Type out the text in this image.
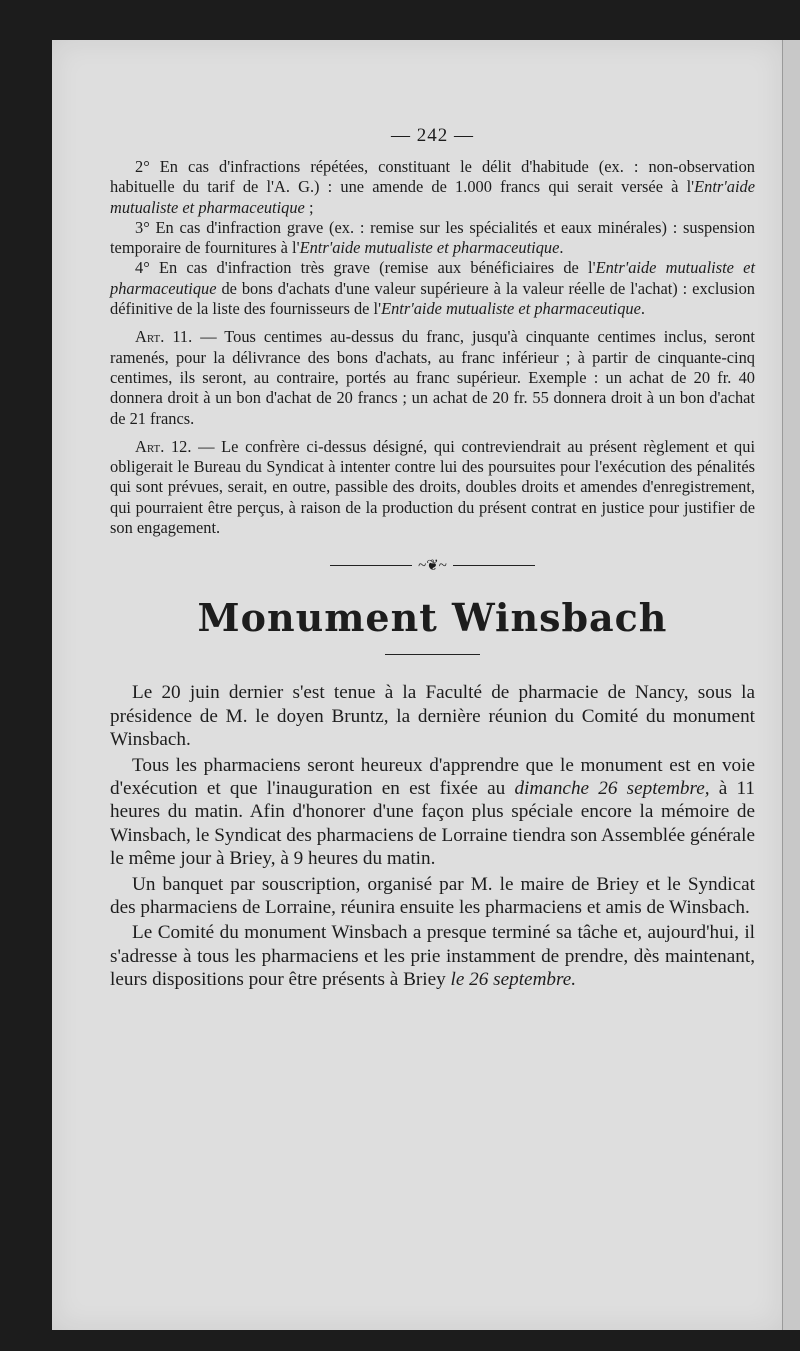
— 242 —

2° En cas d'infractions répétées, constituant le délit d'habitude (ex. : non-observation habituelle du tarif de l'A. G.) : une amende de 1.000 francs qui serait versée à l'Entr'aide mutualiste et pharmaceutique ;

3° En cas d'infraction grave (ex. : remise sur les spécialités et eaux minérales) : suspension temporaire de fournitures à l'Entr'aide mutualiste et pharmaceutique.

4° En cas d'infraction très grave (remise aux bénéficiaires de l'Entr'aide mutualiste et pharmaceutique de bons d'achats d'une valeur supérieure à la valeur réelle de l'achat) : exclusion définitive de la liste des fournisseurs de l'Entr'aide mutualiste et pharmaceutique.

Art. 11. — Tous centimes au-dessus du franc, jusqu'à cinquante centimes inclus, seront ramenés, pour la délivrance des bons d'achats, au franc inférieur ; à partir de cinquante-cinq centimes, ils seront, au contraire, portés au franc supérieur. Exemple : un achat de 20 fr. 40 donnera droit à un bon d'achat de 20 francs ; un achat de 20 fr. 55 donnera droit à un bon d'achat de 21 francs.

Art. 12. — Le confrère ci-dessus désigné, qui contreviendrait au présent règlement et qui obligerait le Bureau du Syndicat à intenter contre lui des poursuites pour l'exécution des pénalités qui sont prévues, serait, en outre, passible des droits, doubles droits et amendes d'enregistrement, qui pourraient être perçus, à raison de la production du présent contrat en justice pour justifier de son engagement.

~❦~
Monument Winsbach

Le 20 juin dernier s'est tenue à la Faculté de pharmacie de Nancy, sous la présidence de M. le doyen Bruntz, la dernière réunion du Comité du monument Winsbach.

Tous les pharmaciens seront heureux d'apprendre que le monument est en voie d'exécution et que l'inauguration en est fixée au dimanche 26 septembre, à 11 heures du matin. Afin d'honorer d'une façon plus spéciale encore la mémoire de Winsbach, le Syndicat des pharmaciens de Lorraine tiendra son Assemblée générale le même jour à Briey, à 9 heures du matin.

Un banquet par souscription, organisé par M. le maire de Briey et le Syndicat des pharmaciens de Lorraine, réunira ensuite les pharmaciens et amis de Winsbach.

Le Comité du monument Winsbach a presque terminé sa tâche et, aujourd'hui, il s'adresse à tous les pharmaciens et les prie instamment de prendre, dès maintenant, leurs dispositions pour être présents à Briey le 26 septembre.
